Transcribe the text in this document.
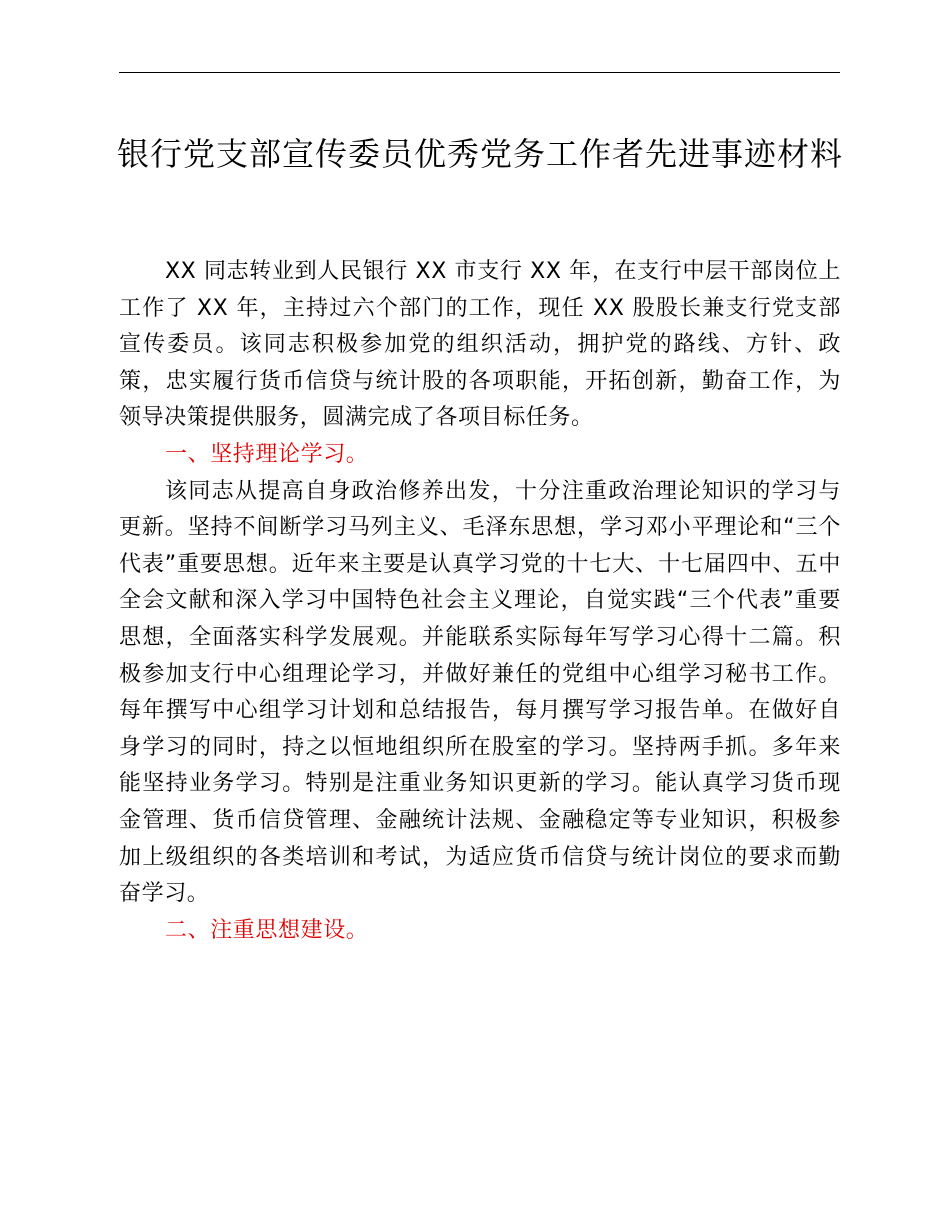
银行党支部宣传委员优秀党务工作者先进事迹材料

XX 同志转业到人民银行 XX 市支行 XX 年，在支行中层干部岗位上工作了 XX 年，主持过六个部门的工作，现任 XX 股股长兼支行党支部宣传委员。该同志积极参加党的组织活动，拥护党的路线、方针、政策，忠实履行货币信贷与统计股的各项职能，开拓创新，勤奋工作，为领导决策提供服务，圆满完成了各项目标任务。

一、坚持理论学习。

该同志从提高自身政治修养出发，十分注重政治理论知识的学习与更新。坚持不间断学习马列主义、毛泽东思想，学习邓小平理论和“三个代表”重要思想。近年来主要是认真学习党的十七大、十七届四中、五中全会文献和深入学习中国特色社会主义理论，自觉实践“三个代表”重要思想，全面落实科学发展观。并能联系实际每年写学习心得十二篇。积极参加支行中心组理论学习，并做好兼任的党组中心组学习秘书工作。每年撰写中心组学习计划和总结报告，每月撰写学习报告单。在做好自身学习的同时，持之以恒地组织所在股室的学习。坚持两手抓。多年来能坚持业务学习。特别是注重业务知识更新的学习。能认真学习货币现金管理、货币信贷管理、金融统计法规、金融稳定等专业知识，积极参加上级组织的各类培训和考试，为适应货币信贷与统计岗位的要求而勤奋学习。

二、注重思想建设。
